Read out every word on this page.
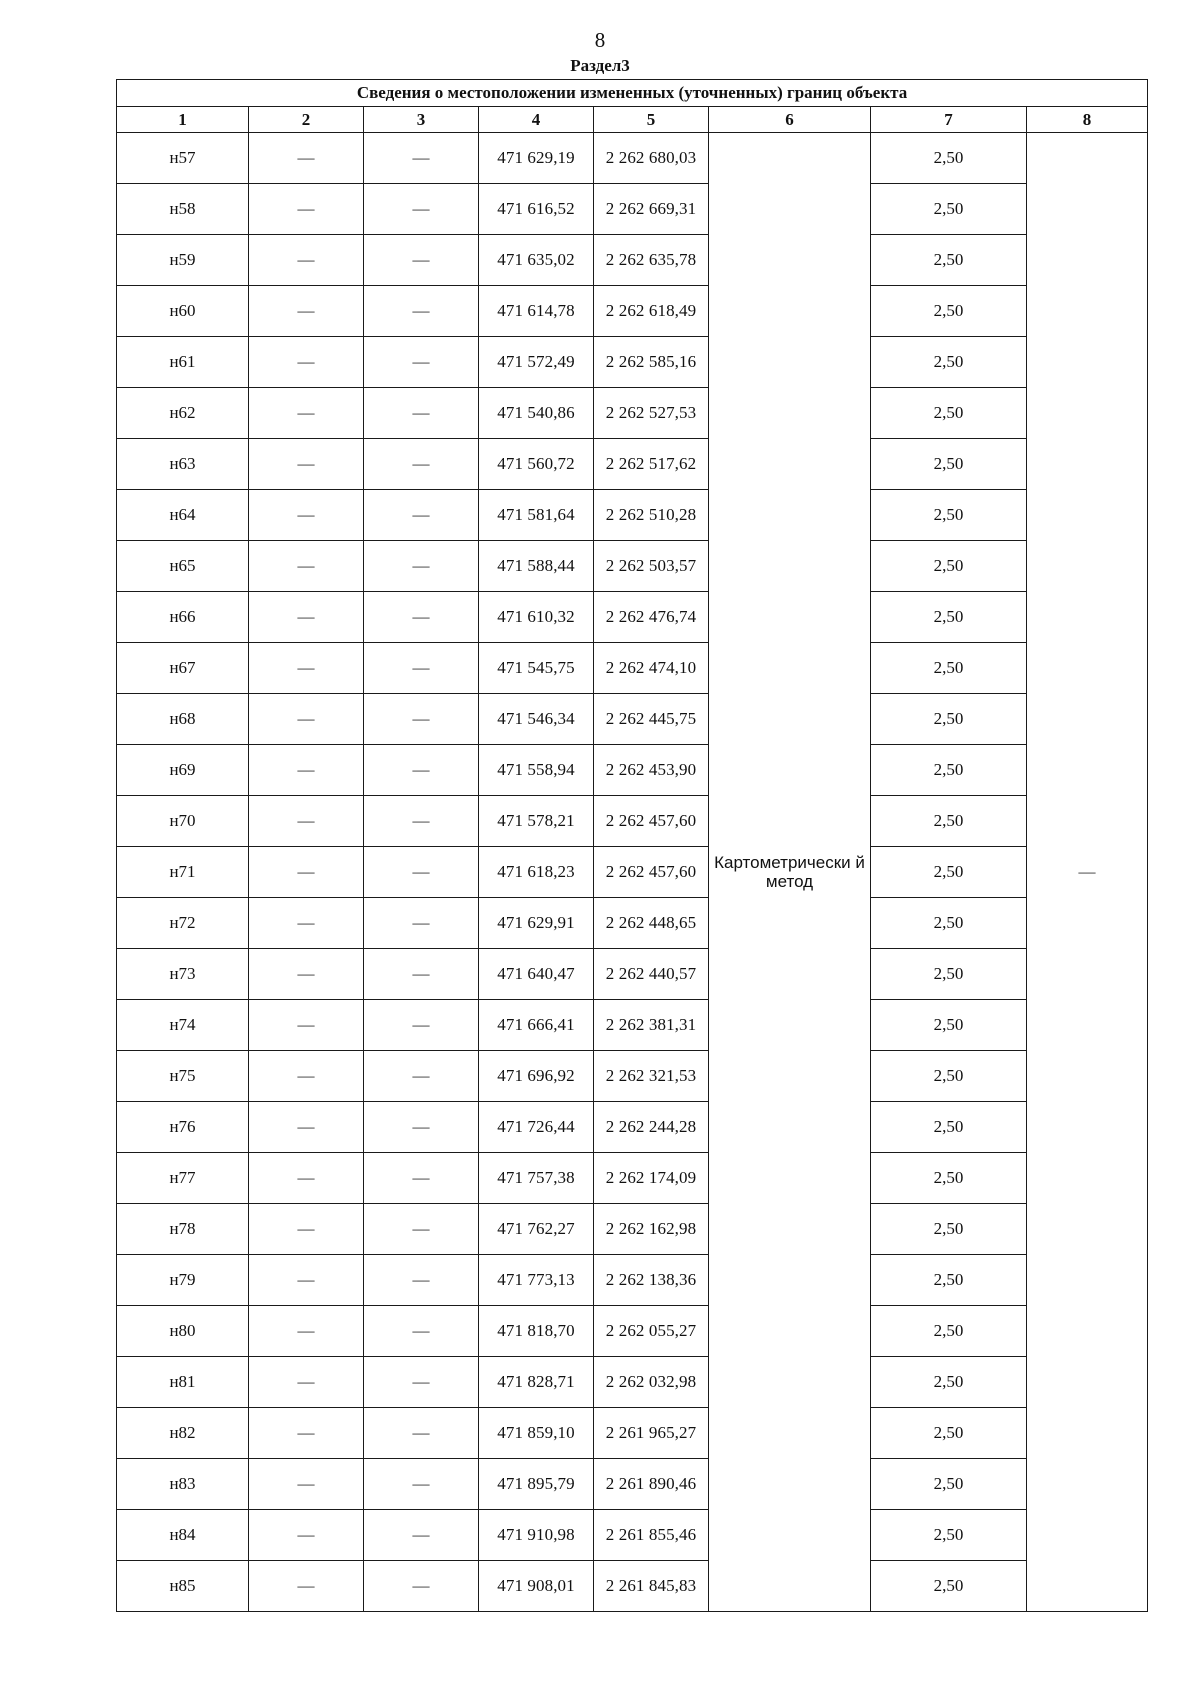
8
Раздел3
Сведения о местоположении измененных (уточненных) границ объекта							
1	2	3	4	5	6	7	8
н57	—	—	471 629,19	2 262 680,03	Картометрически й метод	2,50	—
н58	—	—	471 616,52	2 262 669,31		2,50	
н59	—	—	471 635,02	2 262 635,78		2,50	
н60	—	—	471 614,78	2 262 618,49		2,50	
н61	—	—	471 572,49	2 262 585,16		2,50	
н62	—	—	471 540,86	2 262 527,53		2,50	
н63	—	—	471 560,72	2 262 517,62		2,50	
н64	—	—	471 581,64	2 262 510,28		2,50	
н65	—	—	471 588,44	2 262 503,57		2,50	
н66	—	—	471 610,32	2 262 476,74		2,50	
н67	—	—	471 545,75	2 262 474,10		2,50	
н68	—	—	471 546,34	2 262 445,75		2,50	
н69	—	—	471 558,94	2 262 453,90		2,50	
н70	—	—	471 578,21	2 262 457,60		2,50	
н71	—	—	471 618,23	2 262 457,60		2,50	
н72	—	—	471 629,91	2 262 448,65		2,50	
н73	—	—	471 640,47	2 262 440,57		2,50	
н74	—	—	471 666,41	2 262 381,31		2,50	
н75	—	—	471 696,92	2 262 321,53		2,50	
н76	—	—	471 726,44	2 262 244,28		2,50	
н77	—	—	471 757,38	2 262 174,09		2,50	
н78	—	—	471 762,27	2 262 162,98		2,50	
н79	—	—	471 773,13	2 262 138,36		2,50	
н80	—	—	471 818,70	2 262 055,27		2,50	
н81	—	—	471 828,71	2 262 032,98		2,50	
н82	—	—	471 859,10	2 261 965,27		2,50	
н83	—	—	471 895,79	2 261 890,46		2,50	
н84	—	—	471 910,98	2 261 855,46		2,50	
н85	—	—	471 908,01	2 261 845,83		2,50	
